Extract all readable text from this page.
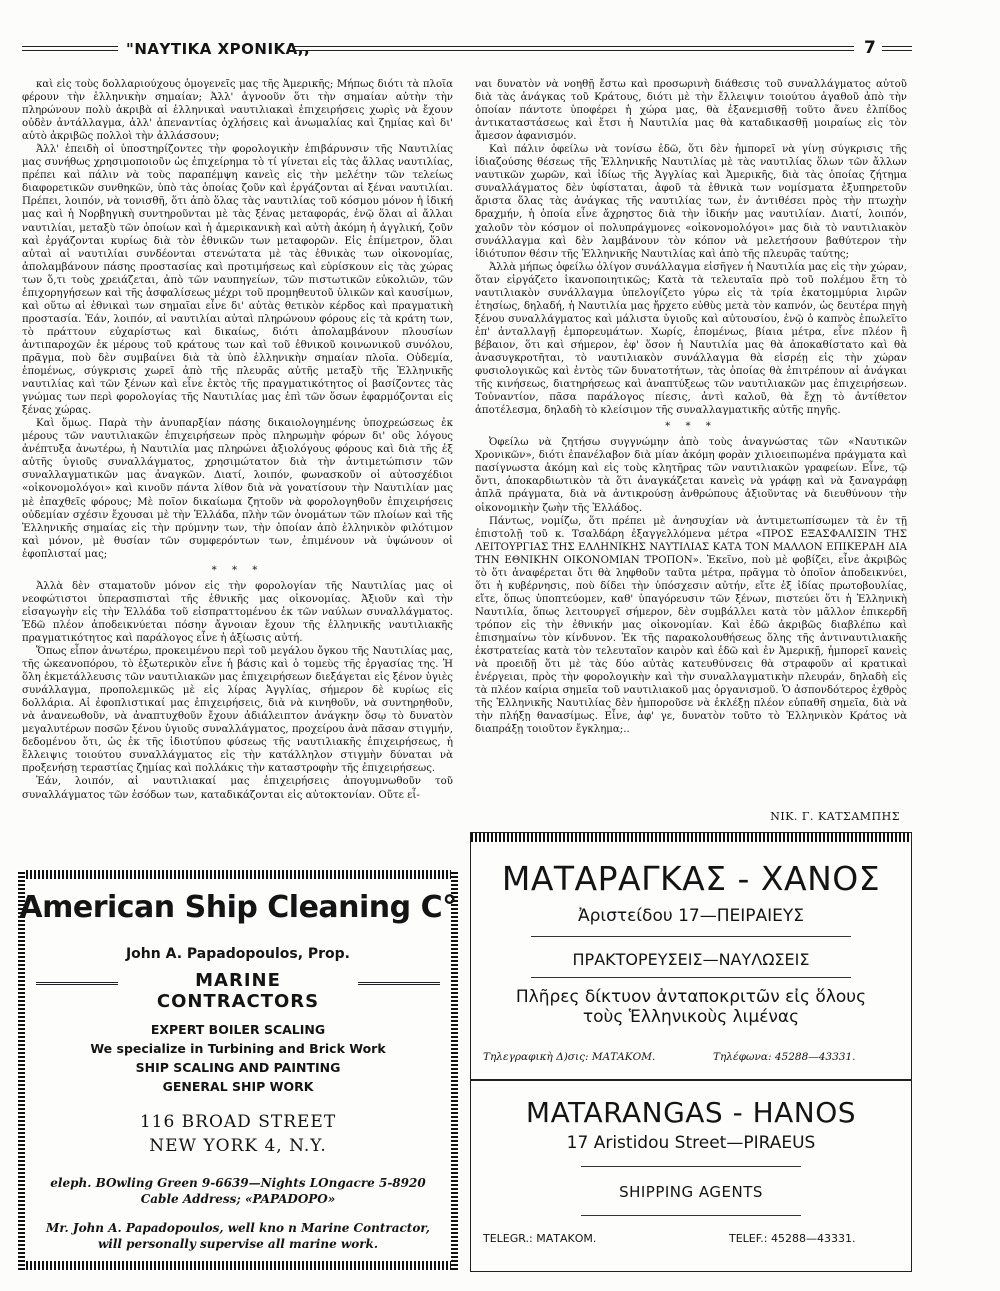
"ΝΑΥΤΙΚΑ ΧΡΟΝΙΚΑ,,	7

καὶ εἰς τοὺς δολλαριούχους ὁμογενεῖς μας τῆς Ἀμερικῆς; Μήπως διότι τὰ πλοῖα φέρουν τὴν ἑλληνικὴν σημαίαν; Ἀλλ' ἀγνοοῦν ὅτι τὴν σημαίαν αὐτὴν τὴν πληρώνουν πολὺ ἀκριβὰ αἱ ἑλληνικαὶ ναυτιλιακαὶ ἐπιχειρήσεις χωρὶς νὰ ἔχουν οὐδὲν ἀντάλλαγμα, ἀλλ' ἀπεναντίας ὀχλήσεις καὶ ἀνωμαλίας καὶ ζημίας καὶ δι' αὐτὸ ἀκριβῶς πολλοὶ τὴν ἀλλάσσουν;

Ἀλλ' ἐπειδὴ οἱ ὑποστηρίζοντες τὴν φορολογικὴν ἐπιβάρυνσιν τῆς Ναυτιλίας μας συνήθως χρησιμοποιοῦν ὡς ἐπιχείρημα τὸ τί γίνεται εἰς τὰς ἄλλας ναυτιλίας, πρέπει καὶ πάλιν νὰ τοὺς παραπέμψη κανεὶς εἰς τὴν μελέτην τῶν τελείως διαφορετικῶν συνθηκῶν, ὑπὸ τὰς ὁποίας ζοῦν καὶ ἐργάζονται αἱ ξέναι ναυτιλίαι. Πρέπει, λοιπόν, νὰ τονισθῆ, ὅτι ἀπὸ ὅλας τὰς ναυτιλίας τοῦ κόσμου μόνον ἡ ἰδική μας καὶ ἡ Νορβηγικὴ συντηροῦνται μὲ τὰς ξένας μεταφοράς, ἐνῷ ὅλαι αἱ ἄλλαι ναυτιλίαι, μεταξὺ τῶν ὁποίων καὶ ἡ ἀμερικανικὴ καὶ αὐτὴ ἀκόμη ἡ ἀγγλική, ζοῦν καὶ ἐργάζονται κυρίως διὰ τὸν ἐθνικῶν των μεταφορῶν. Εἰς ἐπίμετρον, ὅλαι αὐταὶ αἱ ναυτιλίαι συνδέονται στενώτατα μὲ τὰς ἐθνικὰς των οἰκονομίας, ἀπολαμβάνουν πάσης προστασίας καὶ προτιμήσεως καὶ εὑρίσκουν εἰς τὰς χώρας των ὅ,τι τοὺς χρειάζεται, ἀπὸ τῶν ναυπηγείων, τῶν πιστωτικῶν εὐκολιῶν, τῶν ἐπιχορηγήσεων καὶ τῆς ἀσφαλίσεως μέχρι τοῦ προμηθευτοῦ ὑλικῶν καὶ καυσίμων, καὶ οὕτω αἱ ἐθνικαὶ των σημαῖαι εἶνε δι' αὐτὰς θετικὸν κέρδος καὶ πραγματικὴ προστασία. Ἐάν, λοιπόν, αἱ ναυτιλίαι αὐταὶ πληρώνουν φόρους εἰς τὰ κράτη των, τὸ πράττουν εὐχαρίστως καὶ δικαίως, διότι ἀπολαμβάνουν πλουσίων ἀντιπαροχῶν ἐκ μέρους τοῦ κράτους των καὶ τοῦ ἐθνικοῦ κοινωνικοῦ συνόλου, πρᾶγμα, ποὺ δὲν συμβαίνει διὰ τὰ ὑπὸ ἑλληνικὴν σημαίαν πλοῖα. Οὐδεμία, ἑπομένως, σύγκρισις χωρεῖ ἀπὸ τῆς πλευρᾶς αὐτῆς μεταξὺ τῆς Ἑλληνικῆς ναυτιλίας καὶ τῶν ξένων καὶ εἶνε ἐκτὸς τῆς πραγματικότητος οἱ βασίζοντες τὰς γνώμας των περὶ φορολογίας τῆς Ναυτιλίας μας ἐπὶ τῶν ὅσων ἐφαρμόζονται εἰς ξένας χώρας.

Καὶ ὅμως. Παρὰ τὴν ἀνυπαρξίαν πάσης δικαιολογημένης ὑποχρεώσεως ἐκ μέρους τῶν ναυτιλιακῶν ἐπιχειρήσεων πρὸς πληρωμὴν φόρων δι' οὓς λόγους ἀνέπτυξα ἀνωτέρω, ἡ Ναυτιλία μας πληρώνει ἀξιολόγους φόρους καὶ διὰ τῆς ἐξ αὐτῆς ὑγιοῦς συναλλάγματος, χρησιμώτατον διὰ τὴν ἀντιμετώπισιν τῶν συναλλαγματικῶν μας ἀναγκῶν. Διατί, λοιπόν, φωνασκοῦν οἱ αὐτοσχέδιοι «οἰκονομολόγοι» καὶ κινοῦν πάντα λίθον διὰ νὰ γονατίσουν τὴν Ναυτιλίαν μας μὲ ἐπαχθεῖς φόρους; Μὲ ποῖον δικαίωμα ζητοῦν νὰ φορολογηθοῦν ἐπιχειρήσεις οὐδεμίαν σχέσιν ἔχουσαι μὲ τὴν Ἑλλάδα, πλὴν τῶν ὀνομάτων τῶν πλοίων καὶ τῆς Ἑλληνικῆς σημαίας εἰς τὴν πρύμνην των, τὴν ὁποίαν ἀπὸ ἑλληνικὸν φιλότιμον καὶ μόνον, μὲ θυσίαν τῶν συμφερόντων των, ἐπιμένουν νὰ ὑψώνουν οἱ ἐφοπλισταί μας;

* * *

Ἀλλὰ δὲν σταματοῦν μόνον εἰς τὴν φορολογίαν τῆς Ναυτιλίας μας οἱ νεοφώτιστοι ὑπερασπισταὶ τῆς ἐθνικῆς μας οἰκονομίας. Ἀξιοῦν καὶ τὴν εἰσαγωγὴν εἰς τὴν Ἑλλάδα τοῦ εἰσπραττομένου ἐκ τῶν ναύλων συναλλάγματος. Ἐδῶ πλέον ἀποδεικνύεται πόσην ἄγνοιαν ἔχουν τῆς ἑλληνικῆς ναυτιλιακῆς πραγματικότητος καὶ παράλογος εἶνε ἡ ἀξίωσις αὐτή.

Ὅπως εἶπον ἀνωτέρω, προκειμένου περὶ τοῦ μεγάλου ὄγκου τῆς Ναυτιλίας μας, τῆς ὠκεανοπόρου, τὸ ἐξωτερικὸν εἶνε ἡ βάσις καὶ ὁ τομεὺς τῆς ἐργασίας της. Ἡ ὅλη ἐκμετάλλευσις τῶν ναυτιλιακῶν μας ἐπιχειρήσεων διεξάγεται εἰς ξένον ὑγιὲς συνάλλαγμα, προπολεμικῶς μὲ εἰς λίρας Ἀγγλίας, σήμερον δὲ κυρίως εἰς δολλάρια. Αἱ ἐφοπλιστικαί μας ἐπιχειρήσεις, διὰ νὰ κινηθοῦν, νὰ συντηρηθοῦν, νὰ ἀνανεωθοῦν, νὰ ἀναπτυχθοῦν ἔχουν ἀδιάλειπτον ἀνάγκην ὅσῳ τὸ δυνατὸν μεγαλυτέρων ποσῶν ξένου ὑγιοῦς συναλλάγματος, προχείρου ἀνὰ πᾶσαν στιγμήν, δεδομένου ὅτι, ὡς ἐκ τῆς ἰδιοτύπου φύσεως τῆς ναυτιλιακῆς ἐπιχειρήσεως, ἡ ἔλλειψις τοιούτου συναλλάγματος εἰς τὴν κατάλληλον στιγμὴν δύναται νὰ προξενήσῃ τεραστίας ζημίας καὶ πολλάκις τὴν καταστροφὴν τῆς ἐπιχειρήσεως.

Ἐάν, λοιπόν, αἱ ναυτιλιακαί μας ἐπιχειρήσεις ἀπογυμνωθοῦν τοῦ συναλλάγματος τῶν ἐσόδων των, καταδικάζονται εἰς αὐτοκτονίαν. Οὔτε εἶ-

ναι δυνατὸν νὰ νοηθῇ ἔστω καὶ προσωρινὴ διάθεσις τοῦ συναλλάγματος αὐτοῦ διὰ τὰς ἀνάγκας τοῦ Κράτους, διότι μὲ τὴν ἔλλειψιν τοιούτου ἀγαθοῦ ἀπὸ τὴν ὁποίαν πάντοτε ὑποφέρει ἡ χώρα μας, θὰ ἐξανεμισθῇ τοῦτο ἄνευ ἐλπίδος ἀντικαταστάσεως καὶ ἔτσι ἡ Ναυτιλία μας θὰ καταδικασθῇ μοιραίως εἰς τὸν ἄμεσον ἀφανισμόν.

Καὶ πάλιν ὀφείλω νὰ τονίσω ἐδῶ, ὅτι δὲν ἠμπορεῖ νὰ γίνῃ σύγκρισις τῆς ἰδιαζούσης θέσεως τῆς Ἑλληνικῆς Ναυτιλίας μὲ τὰς ναυτιλίας ὅλων τῶν ἄλλων ναυτικῶν χωρῶν, καὶ ἰδίως τῆς Ἀγγλίας καὶ Ἀμερικῆς, διὰ τὰς ὁποίας ζήτημα συναλλάγματος δὲν ὑφίσταται, ἀφοῦ τὰ ἐθνικὰ των νομίσματα ἐξυπηρετοῦν ἄριστα ὅλας τὰς ἀνάγκας τῆς ναυτιλίας των, ἐν ἀντιθέσει πρὸς τὴν πτωχὴν δραχμήν, ἡ ὁποία εἶνε ἄχρηστος διὰ τὴν ἰδικήν μας ναυτιλίαν. Διατί, λοιπόν, χαλοῦν τὸν κόσμον οἱ πολυπράγμονες «οἰκονομολόγοι» μας διὰ τὸ ναυτιλιακὸν συνάλλαγμα καὶ δὲν λαμβάνουν τὸν κόπον νὰ μελετήσουν βαθύτερον τὴν ἰδιότυπον θέσιν τῆς Ἑλληνικῆς Ναυτιλίας καὶ ἀπὸ τῆς πλευρᾶς ταύτης;

Ἀλλὰ μήπως ὀφείλω ὀλίγον συνάλλαγμα εἰσῆγεν ἡ Ναυτιλία μας εἰς τὴν χώραν, ὅταν εἰργάζετο ἱκανοποιητικῶς; Κατὰ τὰ τελευταῖα πρὸ τοῦ πολέμου ἔτη τὸ ναυτιλιακὸν συνάλλαγμα ὑπελογίζετο γύρω εἰς τὰ τρία ἑκατομμύρια λιρῶν ἐτησίως, δηλαδή, ἡ Ναυτιλία μας ἤρχετο εὐθὺς μετὰ τὸν καπνόν, ὡς δευτέρα πηγὴ ξένου συναλλάγματος καὶ μάλιστα ὑγιοῦς καὶ αὐτουσίου, ἐνῷ ὁ καπνὸς ἐπωλεῖτο ἐπ' ἀνταλλαγῇ ἐμπορευμάτων. Χωρίς, ἑπομένως, βίαια μέτρα, εἶνε πλέον ἢ βέβαιον, ὅτι καὶ σήμερον, ἐφ' ὅσον ἡ Ναυτιλία μας θὰ ἀποκαθίστατο καὶ θὰ ἀνασυγκροτῆται, τὸ ναυτιλιακὸν συνάλλαγμα θὰ εἰσρέῃ εἰς τὴν χώραν φυσιολογικῶς καὶ ἐντὸς τῶν δυνατοτήτων, τὰς ὁποίας θὰ ἐπιτρέπουν αἱ ἀνάγκαι τῆς κινήσεως, διατηρήσεως καὶ ἀναπτύξεως τῶν ναυτιλιακῶν μας ἐπιχειρήσεων. Τοὐναντίον, πᾶσα παράλογος πίεσις, ἀντὶ καλοῦ, θὰ ἔχῃ τὸ ἀντίθετον ἀποτέλεσμα, δηλαδὴ τὸ κλείσιμον τῆς συναλλαγματικῆς αὐτῆς πηγῆς.

* * *

Ὀφείλω νὰ ζητήσω συγγνώμην ἀπὸ τοὺς ἀναγνώστας τῶν «Ναυτικῶν Χρονικῶν», διότι ἐπανέλαβον διὰ μίαν ἀκόμη φορὰν χιλιοειπωμένα πράγματα καὶ πασίγνωστα ἀκόμη καὶ εἰς τοὺς κλητῆρας τῶν ναυτιλιακῶν γραφείων. Εἶνε, τῷ ὄντι, ἀποκαρδιωτικὸν τὰ ὅτι ἀναγκάζεται κανεὶς νὰ γράφῃ καὶ νὰ ξαναγράφῃ ἁπλᾶ πράγματα, διὰ νὰ ἀντικρούσῃ ἀνθρώπους ἀξιοῦντας νὰ διευθύνουν τὴν οἰκονομικὴν ζωὴν τῆς Ἑλλάδος.

Πάντως, νομίζω, ὅτι πρέπει μὲ ἀνησυχίαν νὰ ἀντιμετωπίσωμεν τὰ ἐν τῇ ἐπιστολῇ τοῦ κ. Τσαλδάρη ἐξαγγελλόμενα μέτρα «ΠΡΟΣ ΕΞΑΣΦΑΛΙΣΙΝ ΤΗΣ ΛΕΙΤΟΥΡΓΙΑΣ ΤΗΣ ΕΛΛΗΝΙΚΗΣ ΝΑΥΤΙΛΙΑΣ ΚΑΤΑ ΤΟΝ ΜΑΛΛΟΝ ΕΠΙΚΕΡΔΗ ΔΙΑ ΤΗΝ ΕΘΝΙΚΗΝ ΟΙΚΟΝΟΜΙΑΝ ΤΡΟΠΟΝ». Ἐκεῖνο, ποὺ μὲ φοβίζει, εἶνε ἀκριβῶς τὸ ὅτι ἀναφέρεται ὅτι θὰ ληφθοῦν ταῦτα μέτρα, πρᾶγμα τὸ ὁποῖον ἀποδεικνύει, ὅτι ἡ κυβέρνησις, ποὺ δίδει τὴν ὑπόσχεσιν αὐτήν, εἴτε ἐξ ἰδίας πρωτοβουλίας, εἴτε, ὅπως ὑποπτεύομεν, καθ' ὑπαγόρευσιν τῶν ξένων, πιστεύει ὅτι ἡ Ἑλληνικὴ Ναυτιλία, ὅπως λειτουργεῖ σήμερον, δὲν συμβάλλει κατὰ τὸν μᾶλλον ἐπικερδῆ τρόπον εἰς τὴν ἐθνικήν μας οἰκονομίαν. Καὶ ἐδῶ ἀκριβῶς διαβλέπω καὶ ἐπισημαίνω τὸν κίνδυνον. Ἐκ τῆς παρακολουθήσεως ὅλης τῆς ἀντιναυτιλιακῆς ἐκστρατείας κατὰ τὸν τελευταῖον καιρὸν καὶ ἐδῶ καὶ ἐν Ἀμερικῇ, ἠμπορεῖ κανεὶς νὰ προειδῇ ὅτι μὲ τὰς δύο αὐτὰς κατευθύνσεις θὰ στραφοῦν αἱ κρατικαὶ ἐνέργειαι, πρὸς τὴν φορολογικὴν καὶ τὴν συναλλαγματικὴν πλευράν, δηλαδὴ εἰς τὰ πλέον καίρια σημεῖα τοῦ ναυτιλιακοῦ μας ὀργανισμοῦ. Ὁ ἀσπονδότερος ἐχθρὸς τῆς Ἑλληνικῆς Ναυτιλίας δὲν ἠμποροῦσε νὰ ἐκλέξῃ πλέον εὐπαθῆ σημεῖα, διὰ νὰ τὴν πλήξῃ θανασίμως. Εἶνε, ἀφ' γε, δυνατὸν τοῦτο τὸ Ἑλληνικὸν Κράτος νὰ διαπράξῃ τοιοῦτον ἔγκλημα;..

ΝΙΚ. Γ. ΚΑΤΣΑΜΠΗΣ
American Ship Cleaning C°
John A. Papadopoulos, Prop.
MARINE CONTRACTORS
EXPERT BOILER SCALING
We specialize in Turbining and Brick Work
SHIP SCALING AND PAINTING
GENERAL SHIP WORK
116 BROAD STREET
NEW YORK 4, N.Y.
eleph. BOwling Green 9-6639—Nights LOngacre 5-8920
Cable Address; «PAPADOPO»
Mr. John A. Papadopoulos, well kno n Marine Contractor,
will personally supervise all marine work.
ΜΑΤΑΡΑΓΚΑΣ - ΧΑΝΟΣ
Ἀριστείδου 17—ΠΕΙΡΑΙΕΥΣ
ΠΡΑΚΤΟΡΕΥΣΕΙΣ—ΝΑΥΛΩΣΕΙΣ
Πλῆρες δίκτυον ἀνταποκριτῶν εἰς ὅλους
τοὺς Ἑλληνικοὺς λιμένας
Τηλεγραφικὴ Δ)σις: ΜΑΤΑΚΟΜ.	Τηλέφωνα: 45288—43331.
MATARANGAS - HANOS
17 Aristidou Street—PIRAEUS
SHIPPING AGENTS
TELEGR.: ΜΑΤΑΚΟΜ.	TELEF.: 45288—43331.
